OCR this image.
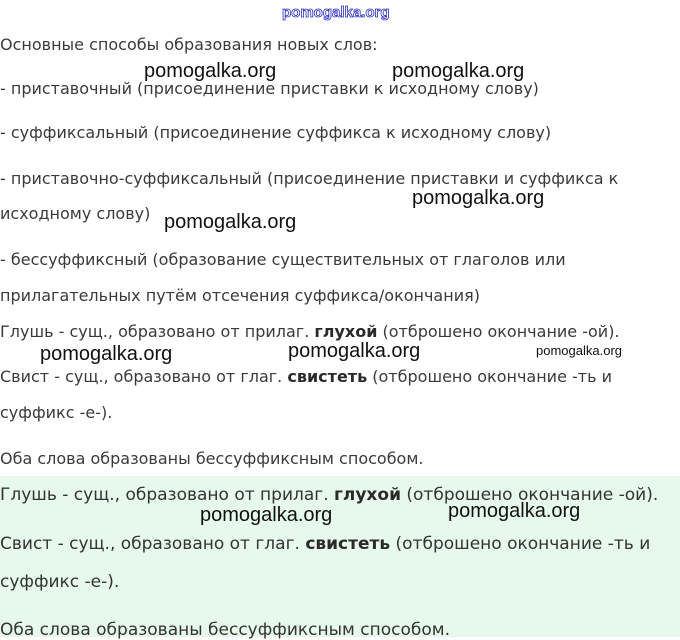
pomogalka.org
Основные способы образования новых слов:
- приставочный (присоединение приставки к исходному слову)
- суффиксальный (присоединение суффикса к исходному слову)
- приставочно-суффиксальный (присоединение приставки и суффикса к
исходному слову)
- бессуффиксный (образование существительных от глаголов или
прилагательных путём отсечения суффикса/окончания)
Глушь - сущ., образовано от прилаг. глухой (отброшено окончание -ой).
Свист - сущ., образовано от глаг. свистеть (отброшено окончание -ть и
суффикс -е-).
Оба слова образованы бессуффиксным способом.
Глушь - сущ., образовано от прилаг. глухой (отброшено окончание -ой).
Свист - сущ., образовано от глаг. свистеть (отброшено окончание -ть и
суффикс -е-).
Оба слова образованы бессуффиксным способом.
pomogalka.org	pomogalka.org
pomogalka.org
pomogalka.org
pomogalka.org	pomogalka.org	pomogalka.org
pomogalka.org	pomogalka.org
